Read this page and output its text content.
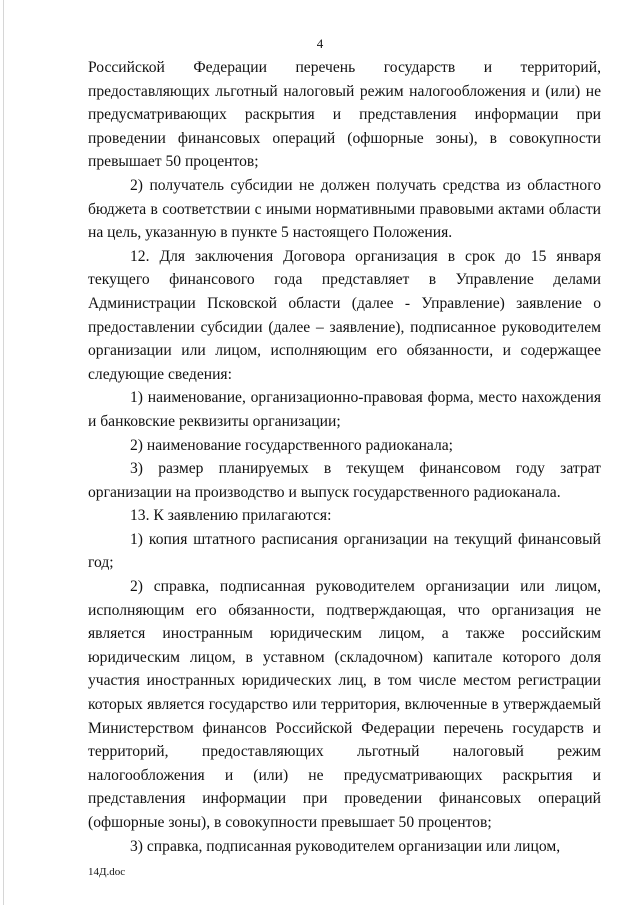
4

Российской Федерации перечень государств и территорий, предоставляющих льготный налоговый режим налогообложения и (или) не предусматривающих раскрытия и представления информации при проведении финансовых операций (офшорные зоны), в совокупности превышает 50 процентов;

2) получатель субсидии не должен получать средства из областного бюджета в соответствии с иными нормативными правовыми актами области на цель, указанную в пункте 5 настоящего Положения.

12. Для заключения Договора организация в срок до 15 января текущего финансового года представляет в Управление делами Администрации Псковской области (далее - Управление) заявление о предоставлении субсидии (далее – заявление), подписанное руководителем организации или лицом, исполняющим его обязанности, и содержащее следующие сведения:

1) наименование, организационно-правовая форма, место нахождения и банковские реквизиты организации;

2) наименование государственного радиоканала;

3) размер планируемых в текущем финансовом году затрат организации на производство и выпуск государственного радиоканала.

13. К заявлению прилагаются:

1) копия штатного расписания организации на текущий финансовый год;

2) справка, подписанная руководителем организации или лицом, исполняющим его обязанности, подтверждающая, что организация не является иностранным юридическим лицом, а также российским юридическим лицом, в уставном (складочном) капитале которого доля участия иностранных юридических лиц, в том числе местом регистрации которых является государство или территория, включенные в утверждаемый Министерством финансов Российской Федерации перечень государств и территорий, предоставляющих льготный налоговый режим налогообложения и (или) не предусматривающих раскрытия и представления информации при проведении финансовых операций (офшорные зоны), в совокупности превышает 50 процентов;

3) справка, подписанная руководителем организации или лицом,

14Д.doc
